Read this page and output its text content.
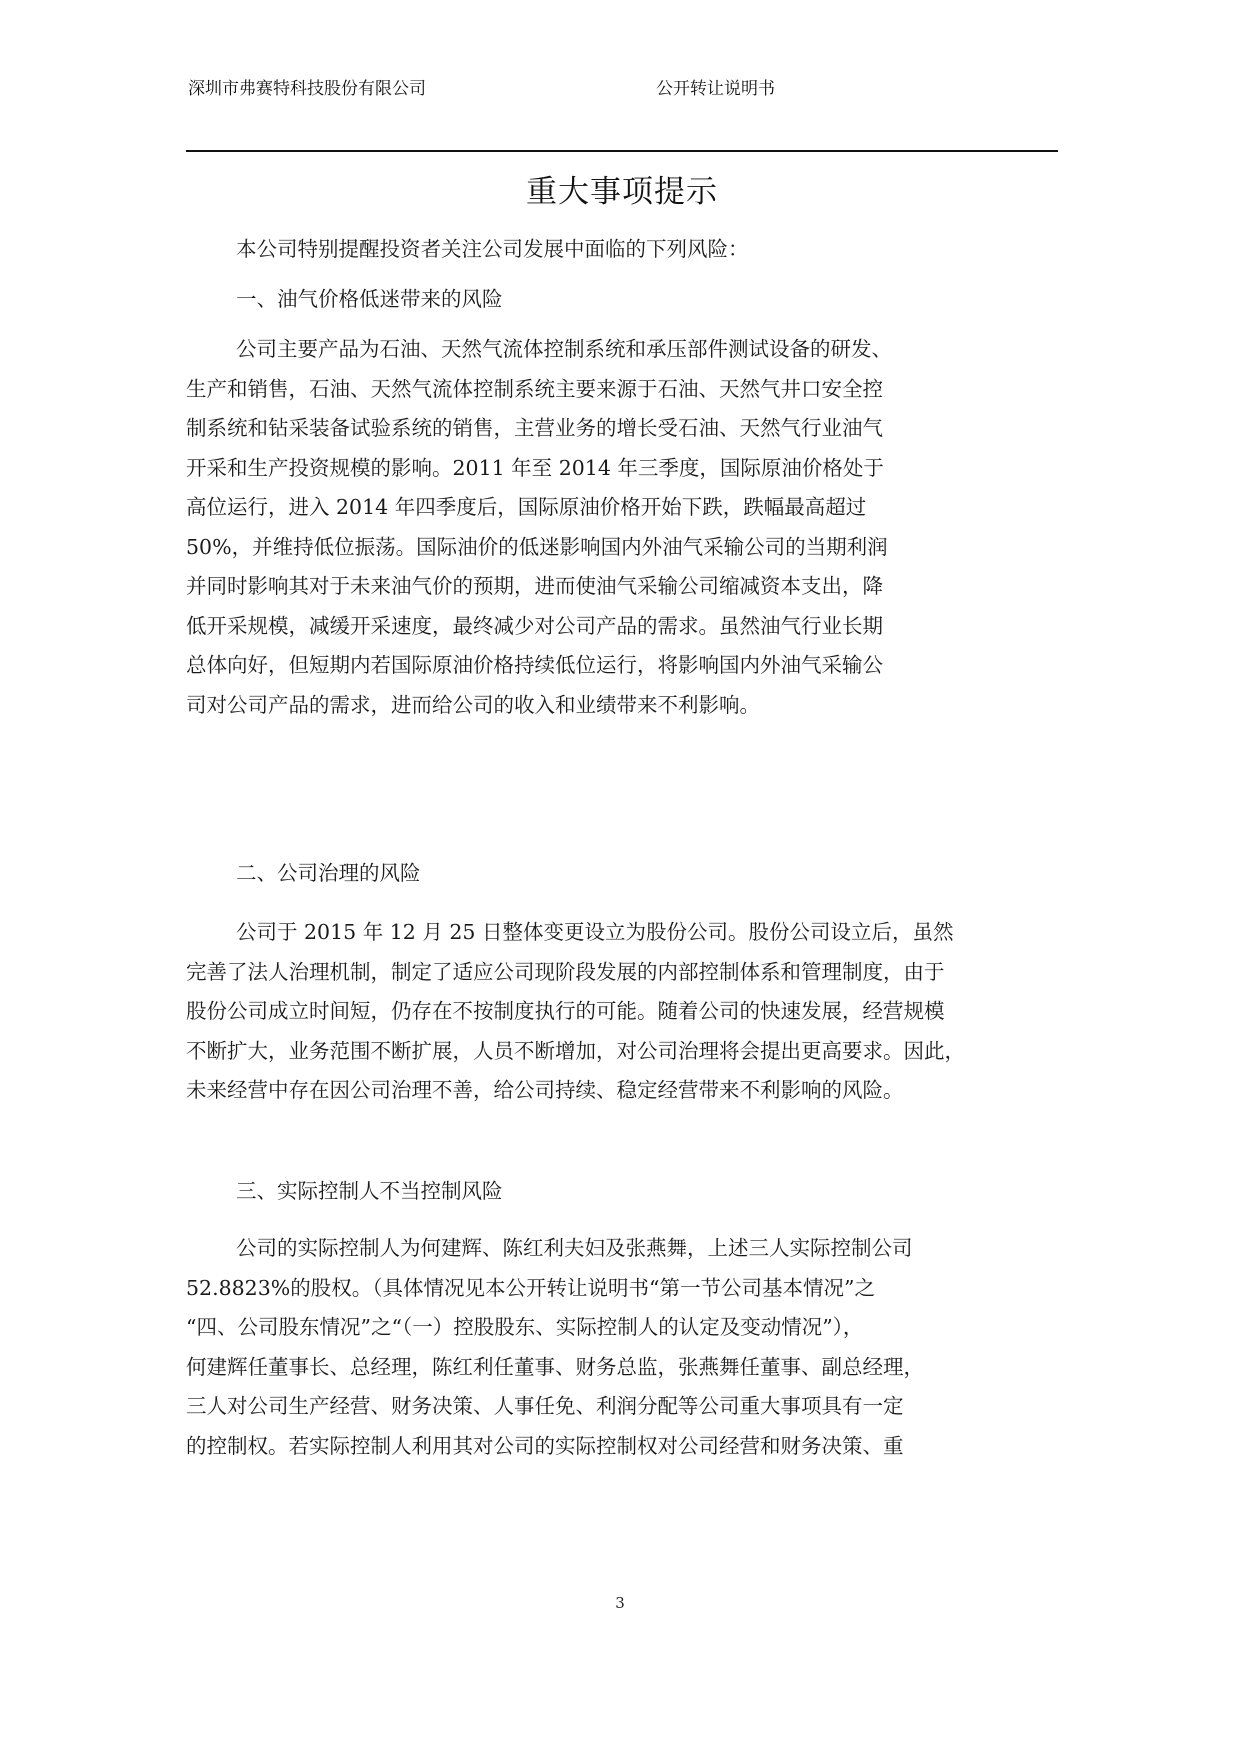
深圳市弗赛特科技股份有限公司	公开转让说明书
重大事项提示
本公司特别提醒投资者关注公司发展中面临的下列风险：
一、油气价格低迷带来的风险
公司主要产品为石油、天然气流体控制系统和承压部件测试设备的研发、
生产和销售，石油、天然气流体控制系统主要来源于石油、天然气井口安全控
制系统和钻采装备试验系统的销售，主营业务的增长受石油、天然气行业油气
开采和生产投资规模的影响。2011 年至 2014 年三季度，国际原油价格处于
高位运行，进入 2014 年四季度后，国际原油价格开始下跌，跌幅最高超过
50%，并维持低位振荡。国际油价的低迷影响国内外油气采输公司的当期利润
并同时影响其对于未来油气价的预期，进而使油气采输公司缩减资本支出，降
低开采规模，减缓开采速度，最终减少对公司产品的需求。虽然油气行业长期
总体向好，但短期内若国际原油价格持续低位运行，将影响国内外油气采输公
司对公司产品的需求，进而给公司的收入和业绩带来不利影响。
二、公司治理的风险
公司于 2015 年 12 月 25 日整体变更设立为股份公司。股份公司设立后，虽然
完善了法人治理机制，制定了适应公司现阶段发展的内部控制体系和管理制度，由于
股份公司成立时间短，仍存在不按制度执行的可能。随着公司的快速发展，经营规模
不断扩大，业务范围不断扩展，人员不断增加，对公司治理将会提出更高要求。因此，
未来经营中存在因公司治理不善，给公司持续、稳定经营带来不利影响的风险。
三、实际控制人不当控制风险
公司的实际控制人为何建辉、陈红利夫妇及张燕舞，上述三人实际控制公司
52.8823%的股权。（具体情况见本公开转让说明书“第一节公司基本情况”之
“四、公司股东情况”之“（一）控股股东、实际控制人的认定及变动情况”），
何建辉任董事长、总经理，陈红利任董事、财务总监，张燕舞任董事、副总经理，
三人对公司生产经营、财务决策、人事任免、利润分配等公司重大事项具有一定
的控制权。若实际控制人利用其对公司的实际控制权对公司经营和财务决策、重
3
